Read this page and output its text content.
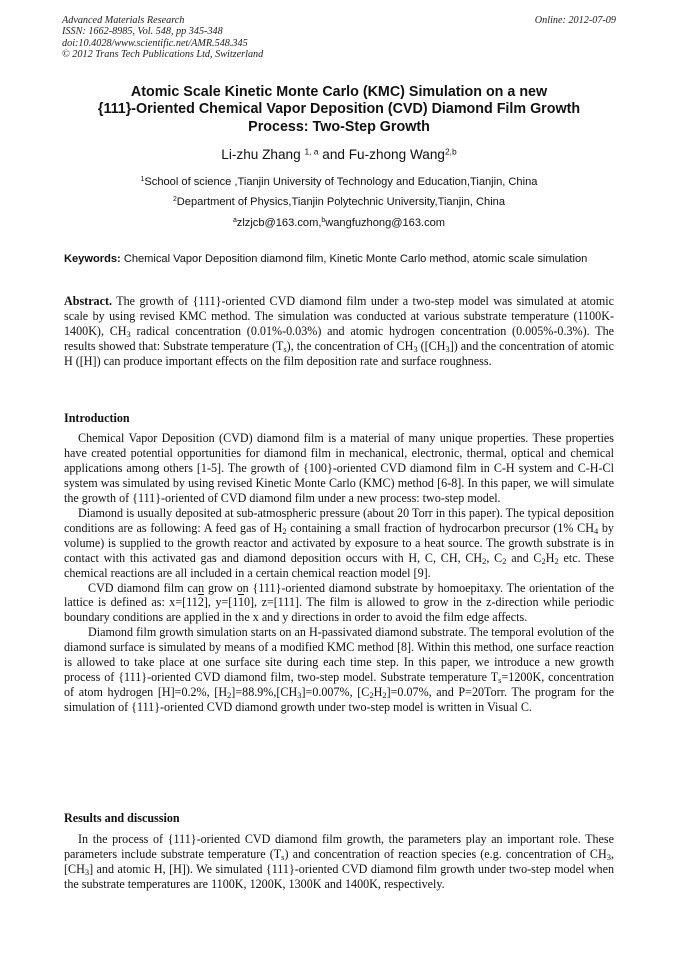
Advanced Materials Research
ISSN: 1662-8985, Vol. 548, pp 345-348
doi:10.4028/www.scientific.net/AMR.548.345
© 2012 Trans Tech Publications Ltd, Switzerland
Online: 2012-07-09
Atomic Scale Kinetic Monte Carlo (KMC) Simulation on a new
{111}-Oriented Chemical Vapor Deposition (CVD) Diamond Film Growth
Process: Two-Step Growth
Li-zhu Zhang $^{1, a}$ and Fu-zhong Wang$^{2,b}$
$^1$School of science ,Tianjin University of Technology and Education,Tianjin, China
$^2$Department of Physics,Tianjin Polytechnic University,Tianjin, China
$^a$zlzjcb@163.com,$^b$wangfuzhong@163.com
Keywords: Chemical Vapor Deposition diamond film, Kinetic Monte Carlo method, atomic scale simulation
Abstract. The growth of {111}-oriented CVD diamond film under a two-step model was simulated at atomic scale by using revised KMC method. The simulation was conducted at various substrate temperature (1100K-1400K), $CH_3$ radical concentration (0.01%-0.03%) and atomic hydrogen concentration (0.005%-0.3%). The results showed that: Substrate temperature $(T_s)$, the concentration of $CH_3$ $([CH_3])$ and the concentration of atomic H ([H]) can produce important effects on the film deposition rate and surface roughness.
Introduction

Chemical Vapor Deposition (CVD) diamond film is a material of many unique properties. These properties have created potential opportunities for diamond film in mechanical, electronic, thermal, optical and chemical applications among others [1-5]. The growth of {100}-oriented CVD diamond film in C-H system and C-H-Cl system was simulated by using revised Kinetic Monte Carlo (KMC) method [6-8]. In this paper, we will simulate the growth of {111}-oriented of CVD diamond film under a new process: two-step model.

Diamond is usually deposited at sub-atmospheric pressure (about 20 Torr in this paper). The typical deposition conditions are as following: A feed gas of $H_2$ containing a small fraction of hydrocarbon precursor (1% $CH_4$ by volume) is supplied to the growth reactor and activated by exposure to a heat source. The growth substrate is in contact with this activated gas and diamond deposition occurs with H, C, CH, $CH_2$, $C_2$ and $C_2H_2$ etc. These chemical reactions are all included in a certain chemical reaction model [9].

CVD diamond film can grow on {111}-oriented diamond substrate by homoepitaxy. The orientation of the lattice is defined as: x=[112], y=[110], z=[111]. The film is allowed to grow in the z-direction while periodic boundary conditions are applied in the x and y directions in order to avoid the film edge affects.

Diamond film growth simulation starts on an H-passivated diamond substrate. The temporal evolution of the diamond surface is simulated by means of a modified KMC method [8]. Within this method, one surface reaction is allowed to take place at one surface site during each time step. In this paper, we introduce a new growth process of {111}-oriented CVD diamond film, two-step model. Substrate temperature $T_s=1200K$, concentration of atom hydrogen [H]=0.2%, $[H_2]=88.9\%,[CH_3]=0.007\%$, $[C_2H_2]=0.07\%$, and P=20Torr. The program for the simulation of {111}-oriented CVD diamond growth under two-step model is written in Visual C.

Results and discussion

In the process of {111}-oriented CVD diamond film growth, the parameters play an important role. These parameters include substrate temperature $(T_s)$ and concentration of reaction species (e.g. concentration of $CH_3$, $[CH_3]$ and atomic H, [H]). We simulated {111}-oriented CVD diamond film growth under two-step model when the substrate temperatures are 1100K, 1200K, 1300K and 1400K, respectively.
